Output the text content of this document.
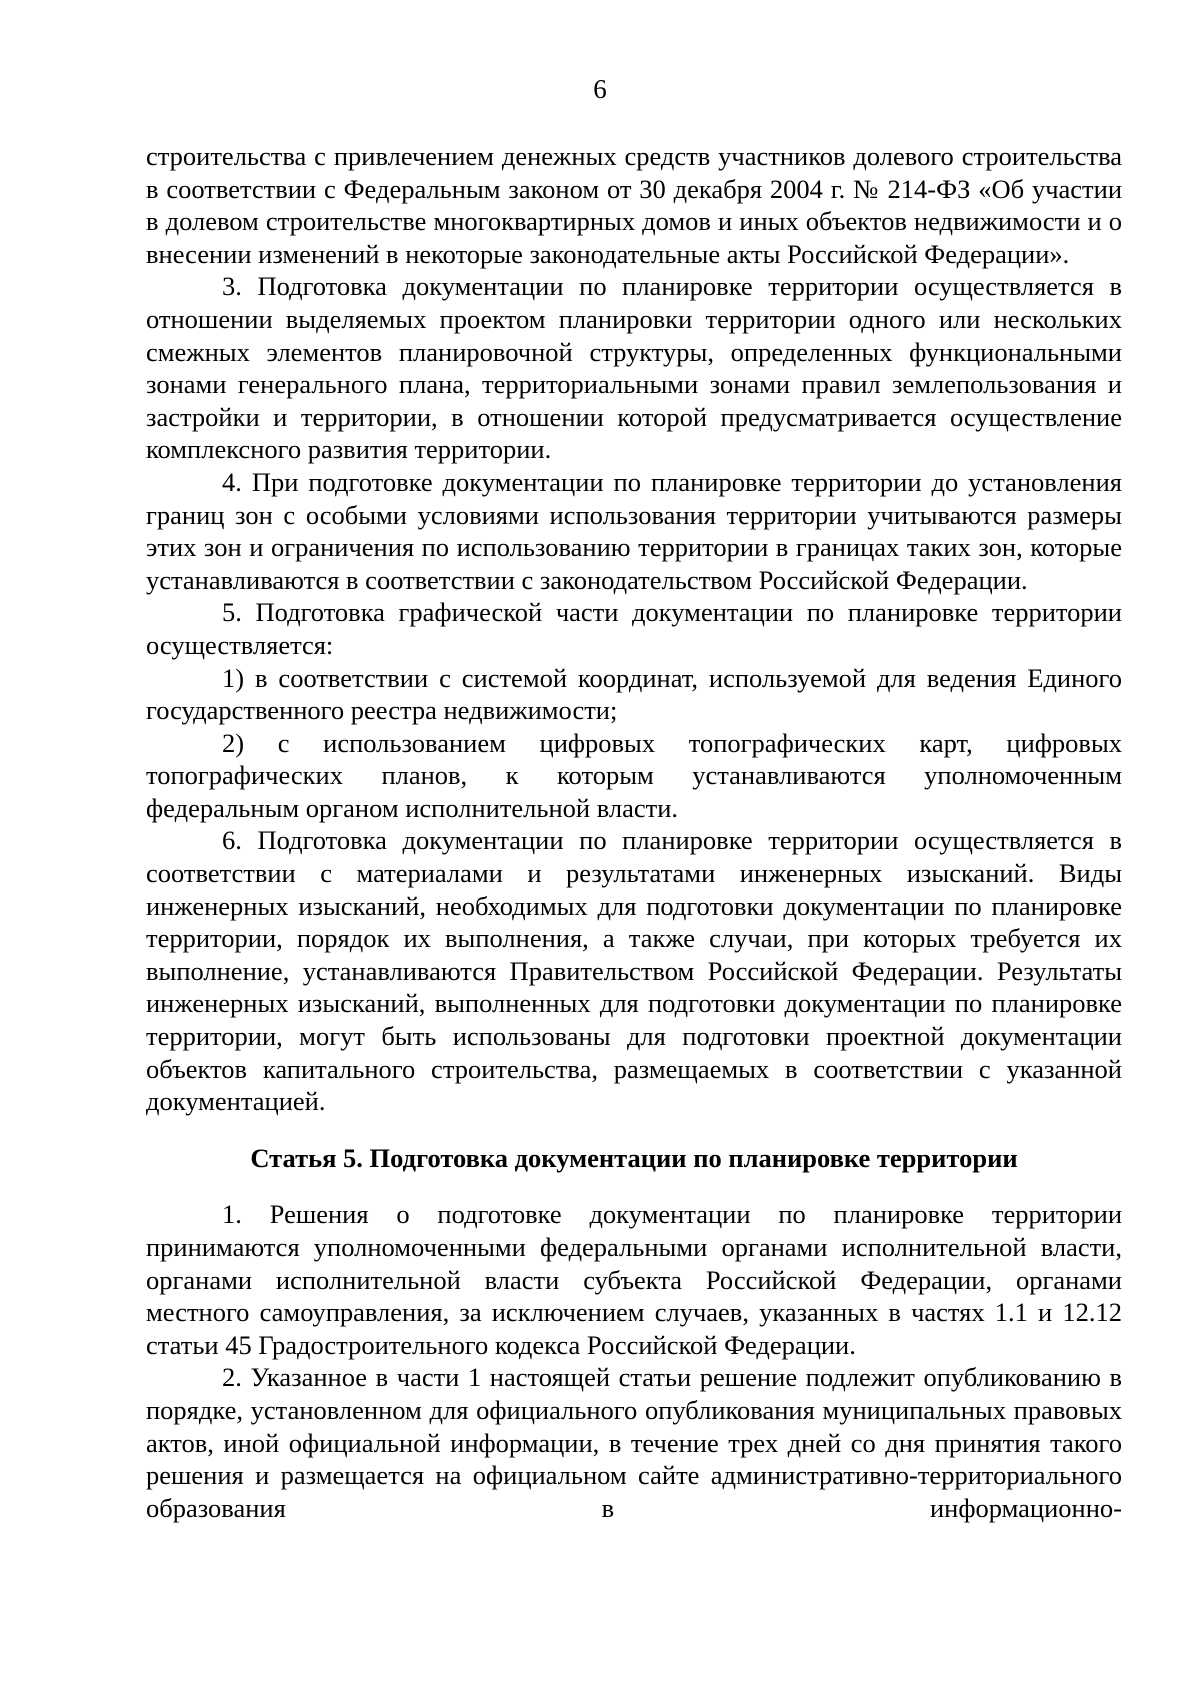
6

строительства с привлечением денежных средств участников долевого строительства в соответствии с Федеральным законом от 30 декабря 2004 г. № 214-ФЗ «Об участии в долевом строительстве многоквартирных домов и иных объектов недвижимости и о внесении изменений в некоторые законодательные акты Российской Федерации».

3. Подготовка документации по планировке территории осуществляется в отношении выделяемых проектом планировки территории одного или нескольких смежных элементов планировочной структуры, определенных функциональными зонами генерального плана, территориальными зонами правил землепользования и застройки и территории, в отношении которой предусматривается осуществление комплексного развития территории.

4. При подготовке документации по планировке территории до установления границ зон с особыми условиями использования территории учитываются размеры этих зон и ограничения по использованию территории в границах таких зон, которые устанавливаются в соответствии с законодательством Российской Федерации.

5. Подготовка графической части документации по планировке территории осуществляется:

1) в соответствии с системой координат, используемой для ведения Единого государственного реестра недвижимости;

2) с использованием цифровых топографических карт, цифровых топографических планов, к которым устанавливаются уполномоченным федеральным органом исполнительной власти.

6. Подготовка документации по планировке территории осуществляется в соответствии с материалами и результатами инженерных изысканий. Виды инженерных изысканий, необходимых для подготовки документации по планировке территории, порядок их выполнения, а также случаи, при которых требуется их выполнение, устанавливаются Правительством Российской Федерации. Результаты инженерных изысканий, выполненных для подготовки документации по планировке территории, могут быть использованы для подготовки проектной документации объектов капитального строительства, размещаемых в соответствии с указанной документацией.

Статья 5. Подготовка документации по планировке территории

1. Решения о подготовке документации по планировке территории принимаются уполномоченными федеральными органами исполнительной власти, органами исполнительной власти субъекта Российской Федерации, органами местного самоуправления, за исключением случаев, указанных в частях 1.1 и 12.12 статьи 45 Градостроительного кодекса Российской Федерации.

2. Указанное в части 1 настоящей статьи решение подлежит опубликованию в порядке, установленном для официального опубликования муниципальных правовых актов, иной официальной информации, в течение трех дней со дня принятия такого решения и размещается на официальном сайте административно-территориального образования в информационно-
